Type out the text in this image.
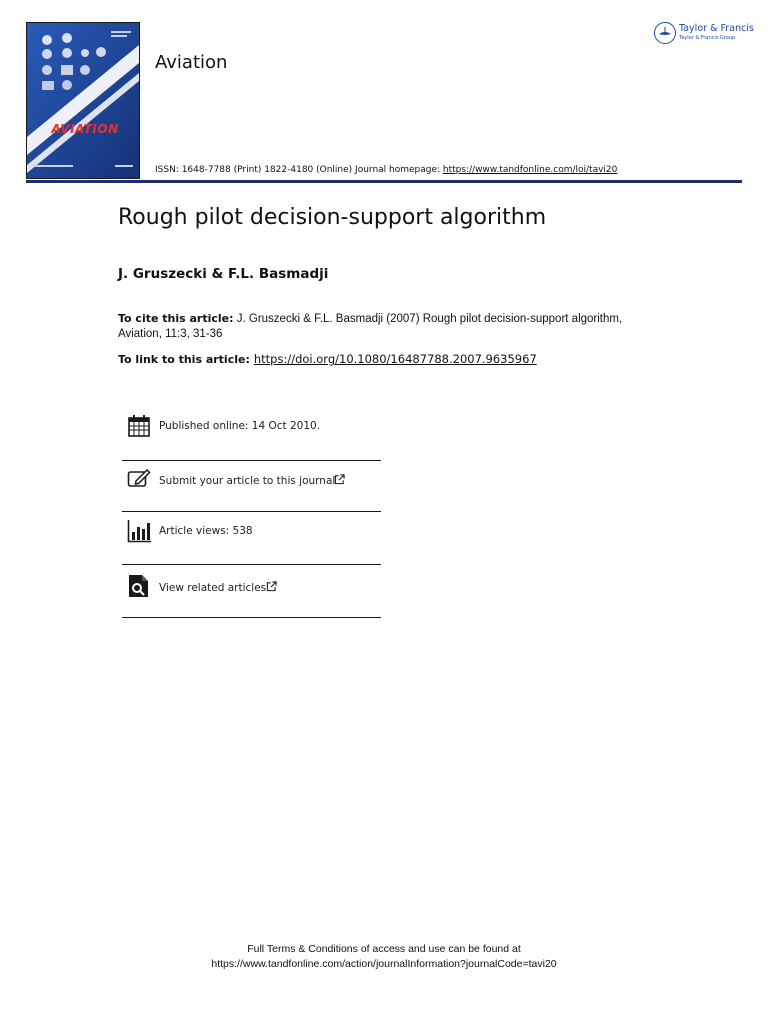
AVIATION
Aviation
Taylor & Francis
Taylor & Francis Group
ISSN: 1648-7788 (Print) 1822-4180 (Online) Journal homepage: https://www.tandfonline.com/loi/tavi20
Rough pilot decision-support algorithm
J. Gruszecki & F.L. Basmadji
To cite this article: J. Gruszecki & F.L. Basmadji (2007) Rough pilot decision-support algorithm, Aviation, 11:3, 31-36
To link to this article: https://doi.org/10.1080/16487788.2007.9635967
Published online: 14 Oct 2010.
Submit your article to this journal
Article views: 538
View related articles
Full Terms & Conditions of access and use can be found at
https://www.tandfonline.com/action/journalInformation?journalCode=tavi20
